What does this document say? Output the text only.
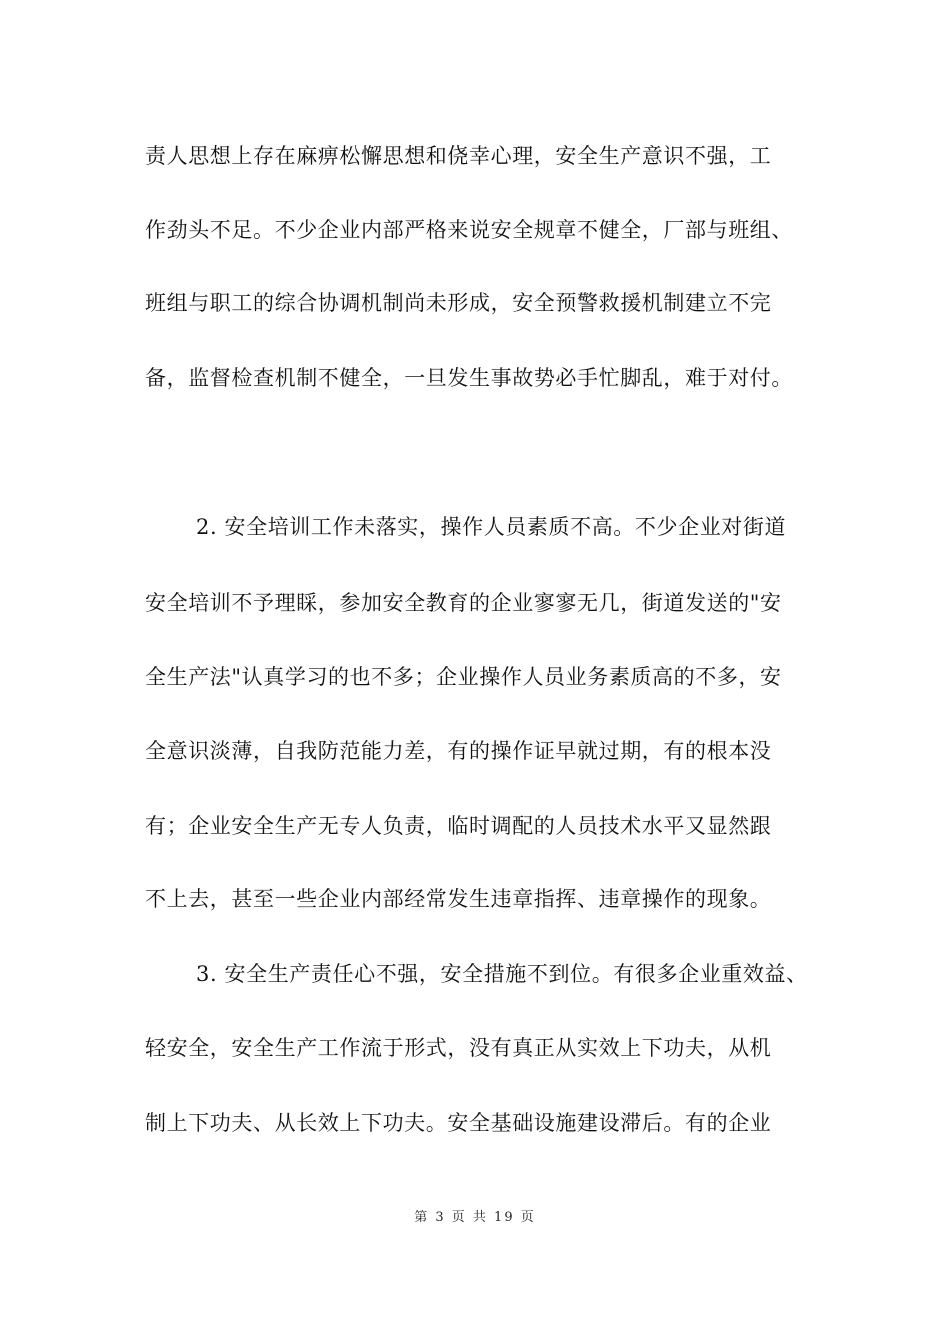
责人思想上存在麻痹松懈思想和侥幸心理，安全生产意识不强，工
作劲头不足。不少企业内部严格来说安全规章不健全，厂部与班组、
班组与职工的综合协调机制尚未形成，安全预警救援机制建立不完
备，监督检查机制不健全，一旦发生事故势必手忙脚乱，难于对付。
2. 安全培训工作未落实，操作人员素质不高。不少企业对街道
安全培训不予理睬，参加安全教育的企业寥寥无几，街道发送的"安
全生产法"认真学习的也不多；企业操作人员业务素质高的不多，安
全意识淡薄，自我防范能力差，有的操作证早就过期，有的根本没
有；企业安全生产无专人负责，临时调配的人员技术水平又显然跟
不上去，甚至一些企业内部经常发生违章指挥、违章操作的现象。
3. 安全生产责任心不强，安全措施不到位。有很多企业重效益、
轻安全，安全生产工作流于形式，没有真正从实效上下功夫，从机
制上下功夫、从长效上下功夫。安全基础设施建设滞后。有的企业
第 3 页 共 19 页
